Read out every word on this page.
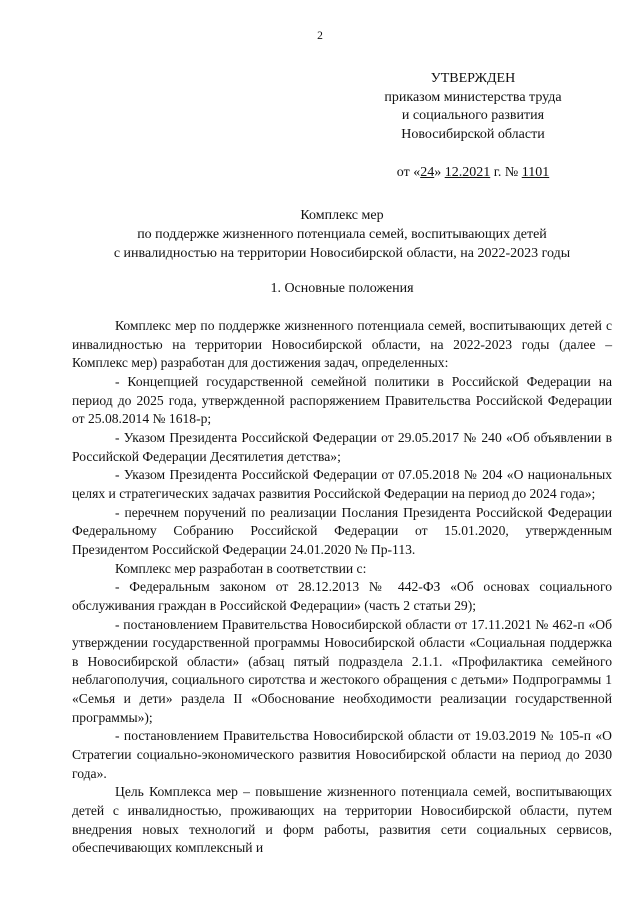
2
УТВЕРЖДЕН
приказом министерства труда
и социального развития
Новосибирской области
от «24» 12.2021 г. № 1101
Комплекс мер
по поддержке жизненного потенциала семей, воспитывающих детей
с инвалидностью на территории Новосибирской области, на 2022-2023 годы
1. Основные положения

Комплекс мер по поддержке жизненного потенциала семей, воспитывающих детей с инвалидностью на территории Новосибирской области, на 2022-2023 годы (далее – Комплекс мер) разработан для достижения задач, определенных:

- Концепцией государственной семейной политики в Российской Федерации на период до 2025 года, утвержденной распоряжением Правительства Российской Федерации от 25.08.2014 № 1618-р;

- Указом Президента Российской Федерации от 29.05.2017 № 240 «Об объявлении в Российской Федерации Десятилетия детства»;

- Указом Президента Российской Федерации от 07.05.2018 № 204 «О национальных целях и стратегических задачах развития Российской Федерации на период до 2024 года»;

- перечнем поручений по реализации Послания Президента Российской Федерации Федеральному Собранию Российской Федерации от 15.01.2020, утвержденным Президентом Российской Федерации 24.01.2020 № Пр-113.

Комплекс мер разработан в соответствии с:

- Федеральным законом от 28.12.2013 № 442-ФЗ «Об основах социального обслуживания граждан в Российской Федерации» (часть 2 статьи 29);

- постановлением Правительства Новосибирской области от 17.11.2021 № 462-п «Об утверждении государственной программы Новосибирской области «Социальная поддержка в Новосибирской области» (абзац пятый подраздела 2.1.1. «Профилактика семейного неблагополучия, социального сиротства и жестокого обращения с детьми» Подпрограммы 1 «Семья и дети» раздела II «Обоснование необходимости реализации государственной программы»);

- постановлением Правительства Новосибирской области от 19.03.2019 № 105-п «О Стратегии социально-экономического развития Новосибирской области на период до 2030 года».

Цель Комплекса мер – повышение жизненного потенциала семей, воспитывающих детей с инвалидностью, проживающих на территории Новосибирской области, путем внедрения новых технологий и форм работы, развития сети социальных сервисов, обеспечивающих комплексный и
